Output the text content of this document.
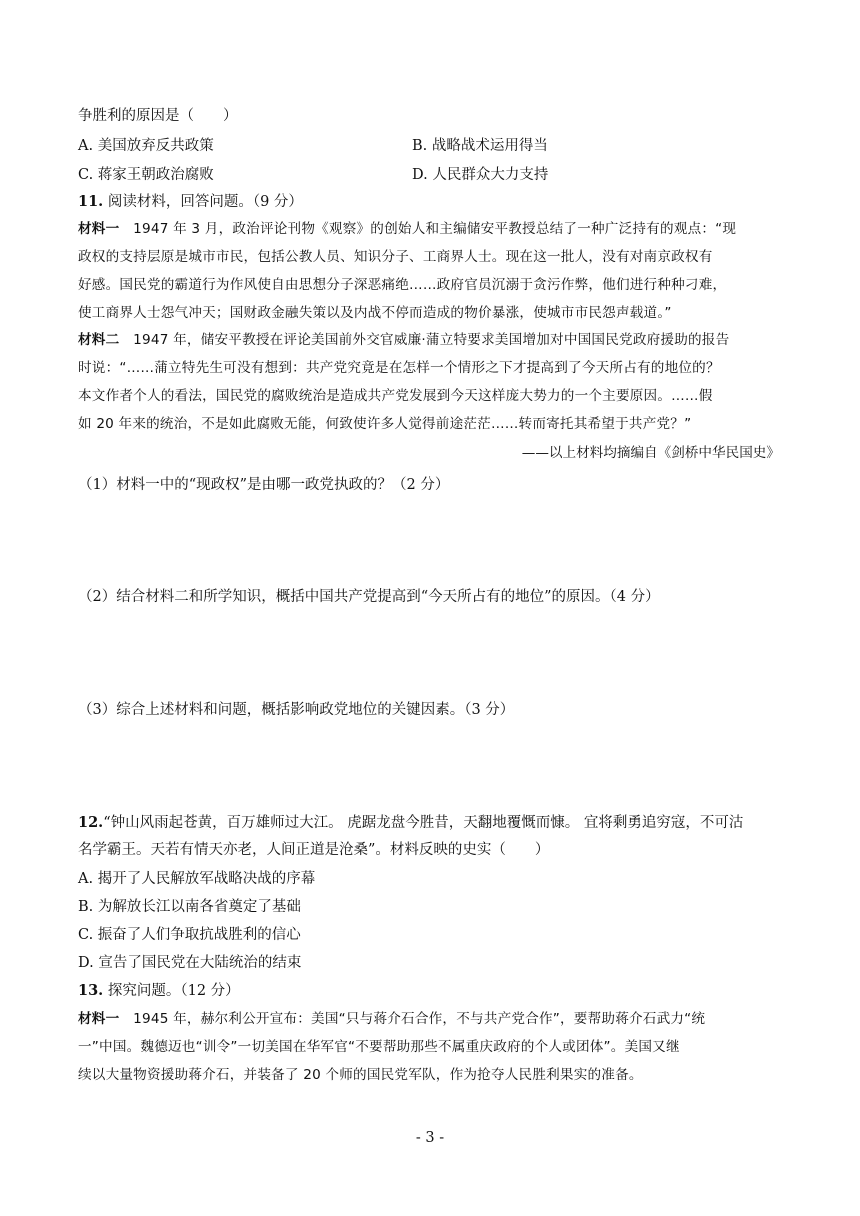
争胜利的原因是（　　）
A. 美国放弃反共政策	B. 战略战术运用得当
C. 蒋家王朝政治腐败	D. 人民群众大力支持
11. 阅读材料，回答问题。（9 分）
材料一　1947 年 3 月，政治评论刊物《观察》的创始人和主编储安平教授总结了一种广泛持有的观点：“现
政权的支持层原是城市市民，包括公教人员、知识分子、工商界人士。现在这一批人，没有对南京政权有
好感。国民党的霸道行为作风使自由思想分子深恶痛绝……政府官员沉溺于贪污作弊，他们进行种种刁难，
使工商界人士怨气冲天；国财政金融失策以及内战不停而造成的物价暴涨，使城市市民怨声载道。”
材料二　1947 年，储安平教授在评论美国前外交官威廉·蒲立特要求美国增加对中国国民党政府援助的报告
时说：“……蒲立特先生可没有想到：共产党究竟是在怎样一个情形之下才提高到了今天所占有的地位的？
本文作者个人的看法，国民党的腐败统治是造成共产党发展到今天这样庞大势力的一个主要原因。……假
如 20 年来的统治，不是如此腐败无能，何致使许多人觉得前途茫茫……转而寄托其希望于共产党？”
——以上材料均摘编自《剑桥中华民国史》
（1）材料一中的“现政权”是由哪一政党执政的？（2 分）
（2）结合材料二和所学知识，概括中国共产党提高到“今天所占有的地位”的原因。（4 分）
（3）综合上述材料和问题，概括影响政党地位的关键因素。（3 分）
12.“钟山风雨起苍黄，百万雄师过大江。 虎踞龙盘今胜昔，天翻地覆慨而慷。 宜将剩勇追穷寇，不可沽
名学霸王。天若有情天亦老，人间正道是沧桑”。材料反映的史实（　　）
A. 揭开了人民解放军战略决战的序幕
B. 为解放长江以南各省奠定了基础
C. 振奋了人们争取抗战胜利的信心
D. 宣告了国民党在大陆统治的结束
13. 探究问题。（12 分）
材料一　1945 年，赫尔利公开宣布：美国“只与蒋介石合作，不与共产党合作”，要帮助蒋介石武力“统
一”中国。魏德迈也“训令”一切美国在华军官“不要帮助那些不属重庆政府的个人或团体”。美国又继
续以大量物资援助蒋介石，并装备了 20 个师的国民党军队，作为抢夺人民胜利果实的准备。
- 3 -
